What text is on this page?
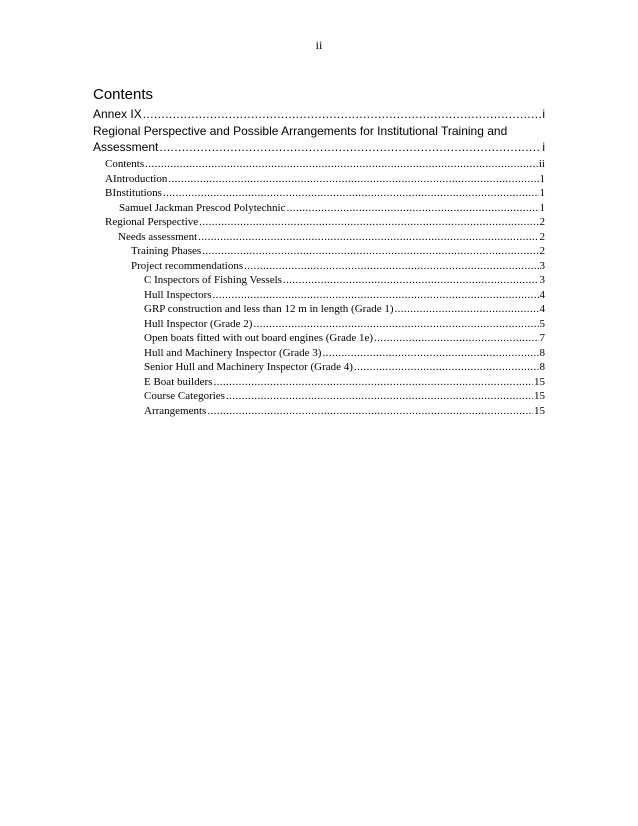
ii
Contents
Annex IX .....	i
Regional Perspective and Possible Arrangements for Institutional Training and
Assessment .....	i
Contents .....	ii
A Introduction .....	1
B Institutions .....	1
Samuel Jackman Prescod Polytechnic .....	1
Regional Perspective .....	2
Needs assessment .....	2
Training Phases .....	2
Project recommendations .....	3
C Inspectors of Fishing Vessels .....	3
Hull Inspectors .....	4
GRP construction and less than 12 m in length (Grade 1) .....	4
Hull Inspector (Grade 2) .....	5
Open boats fitted with out board engines (Grade 1e) .....	7
Hull and Machinery Inspector (Grade 3) .....	8
Senior Hull and Machinery Inspector (Grade 4) .....	8
E Boat builders .....	15
Course Categories .....	15
Arrangements .....	15
